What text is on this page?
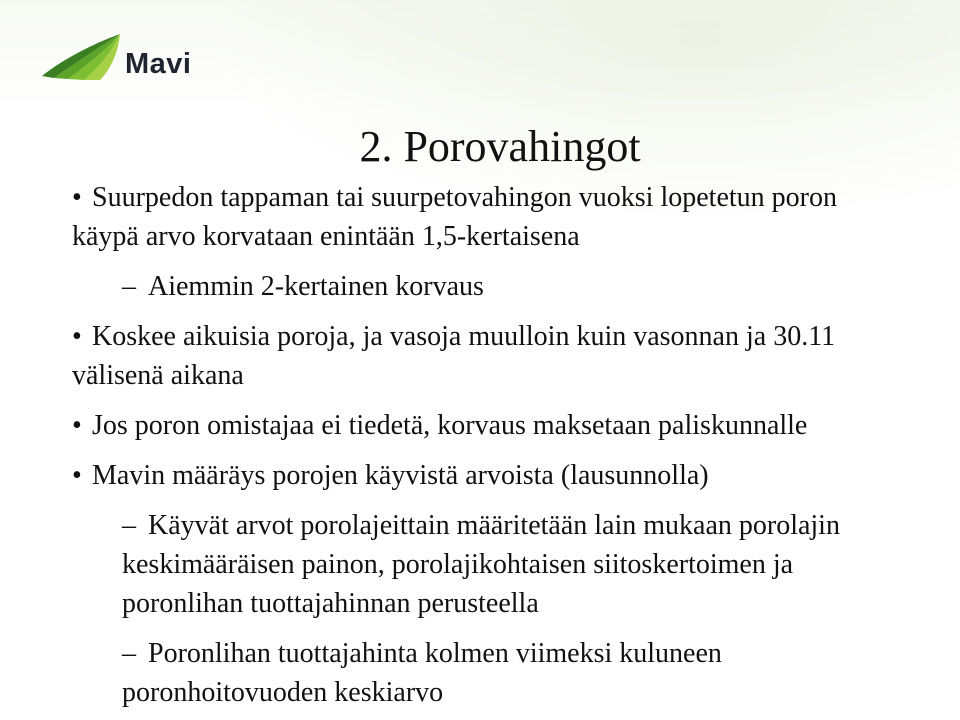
Mavi
2. Porovahingot
• Suurpedon tappaman tai suurpetovahingon vuoksi lopetetun poron käypä arvo korvataan enintään 1,5-kertaisena
– Aiemmin 2-kertainen korvaus
• Koskee aikuisia poroja, ja vasoja muulloin kuin vasonnan ja 30.11 välisenä aikana
• Jos poron omistajaa ei tiedetä, korvaus maksetaan paliskunnalle
• Mavin määräys porojen käyvistä arvoista (lausunnolla)
– Käyvät arvot porolajeittain määritetään lain mukaan porolajin keskimääräisen painon, porolajikohtaisen siitoskertoimen ja poronlihan tuottajahinnan perusteella
– Poronlihan tuottajahinta kolmen viimeksi kuluneen poronhoitovuoden keskiarvo
